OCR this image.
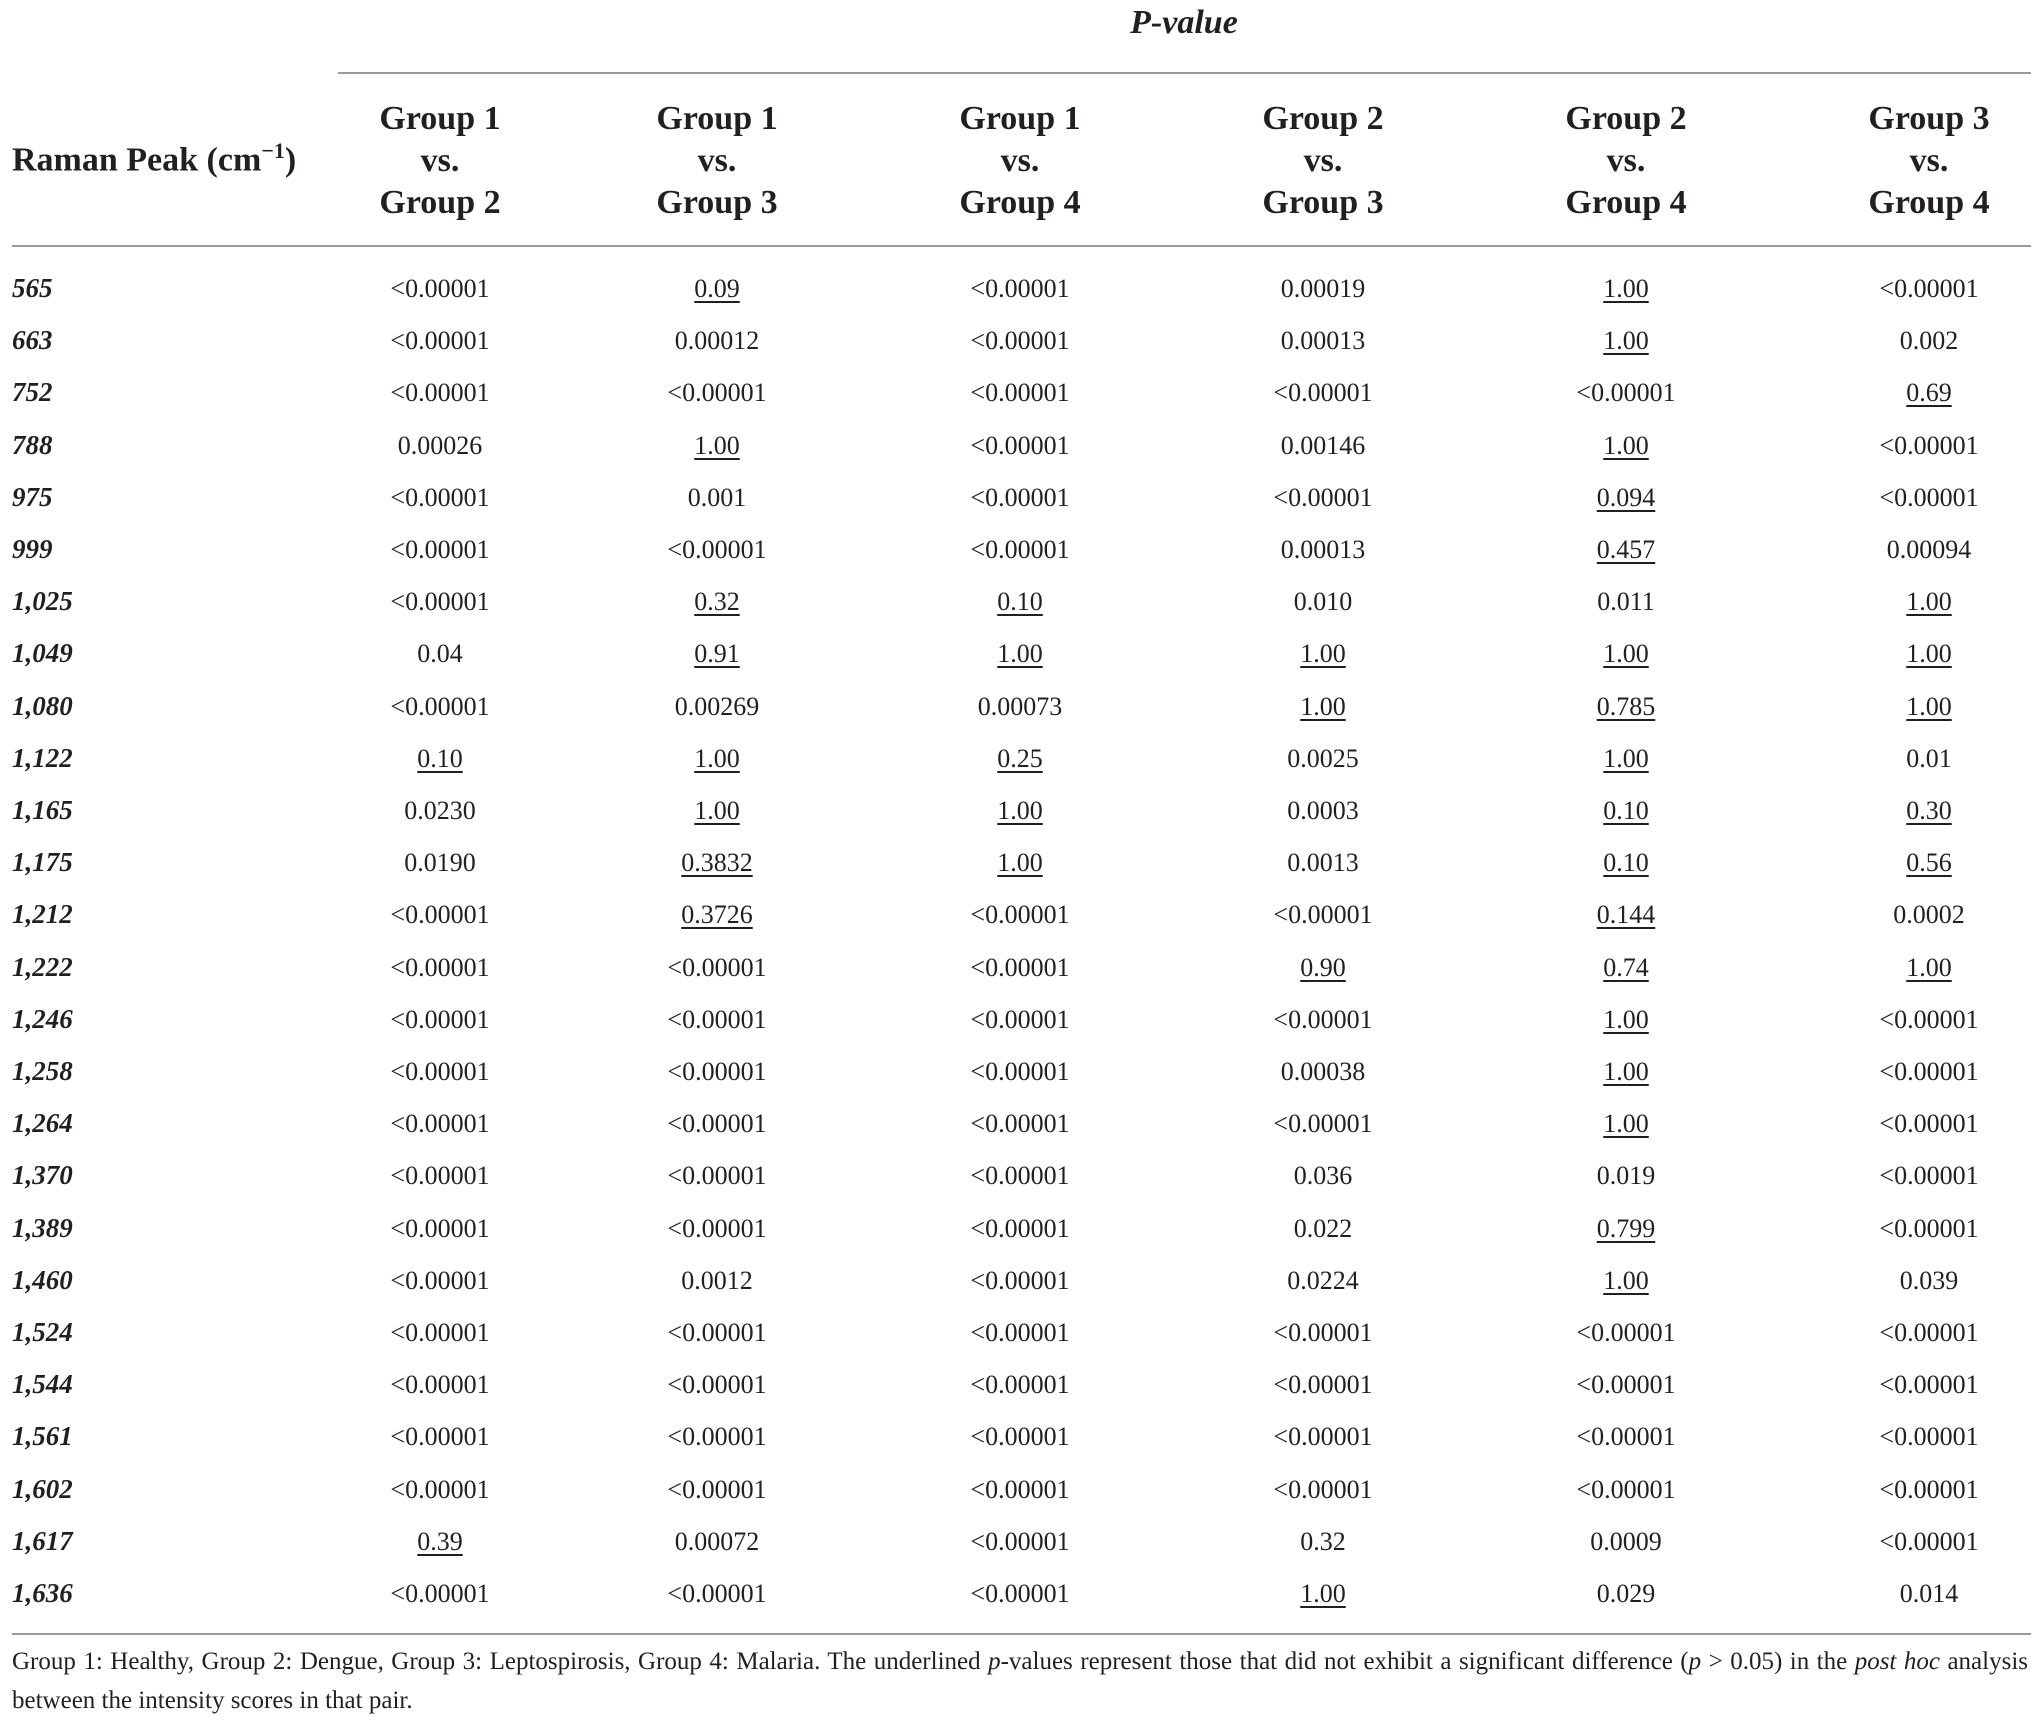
P-value
Raman Peak $(cm^{-1})$
Group 1
vs.
Group 2
Group 1
vs.
Group 3
Group 1
vs.
Group 4
Group 2
vs.
Group 3
Group 2
vs.
Group 4
Group 3
vs.
Group 4
565	<0.00001	0.09	<0.00001	0.00019	1.00	<0.00001
663	<0.00001	0.00012	<0.00001	0.00013	1.00	0.002
752	<0.00001	<0.00001	<0.00001	<0.00001	<0.00001	0.69
788	0.00026	1.00	<0.00001	0.00146	1.00	<0.00001
975	<0.00001	0.001	<0.00001	<0.00001	0.094	<0.00001
999	<0.00001	<0.00001	<0.00001	0.00013	0.457	0.00094
1,025	<0.00001	0.32	0.10	0.010	0.011	1.00
1,049	0.04	0.91	1.00	1.00	1.00	1.00
1,080	<0.00001	0.00269	0.00073	1.00	0.785	1.00
1,122	0.10	1.00	0.25	0.0025	1.00	0.01
1,165	0.0230	1.00	1.00	0.0003	0.10	0.30
1,175	0.0190	0.3832	1.00	0.0013	0.10	0.56
1,212	<0.00001	0.3726	<0.00001	<0.00001	0.144	0.0002
1,222	<0.00001	<0.00001	<0.00001	0.90	0.74	1.00
1,246	<0.00001	<0.00001	<0.00001	<0.00001	1.00	<0.00001
1,258	<0.00001	<0.00001	<0.00001	0.00038	1.00	<0.00001
1,264	<0.00001	<0.00001	<0.00001	<0.00001	1.00	<0.00001
1,370	<0.00001	<0.00001	<0.00001	0.036	0.019	<0.00001
1,389	<0.00001	<0.00001	<0.00001	0.022	0.799	<0.00001
1,460	<0.00001	0.0012	<0.00001	0.0224	1.00	0.039
1,524	<0.00001	<0.00001	<0.00001	<0.00001	<0.00001	<0.00001
1,544	<0.00001	<0.00001	<0.00001	<0.00001	<0.00001	<0.00001
1,561	<0.00001	<0.00001	<0.00001	<0.00001	<0.00001	<0.00001
1,602	<0.00001	<0.00001	<0.00001	<0.00001	<0.00001	<0.00001
1,617	0.39	0.00072	<0.00001	0.32	0.0009	<0.00001
1,636	<0.00001	<0.00001	<0.00001	1.00	0.029	0.014
Group 1: Healthy, Group 2: Dengue, Group 3: Leptospirosis, Group 4: Malaria. The underlined p-values represent those that did not exhibit a significant difference (p > 0.05) in the post hoc analysis between the intensity scores in that pair.
